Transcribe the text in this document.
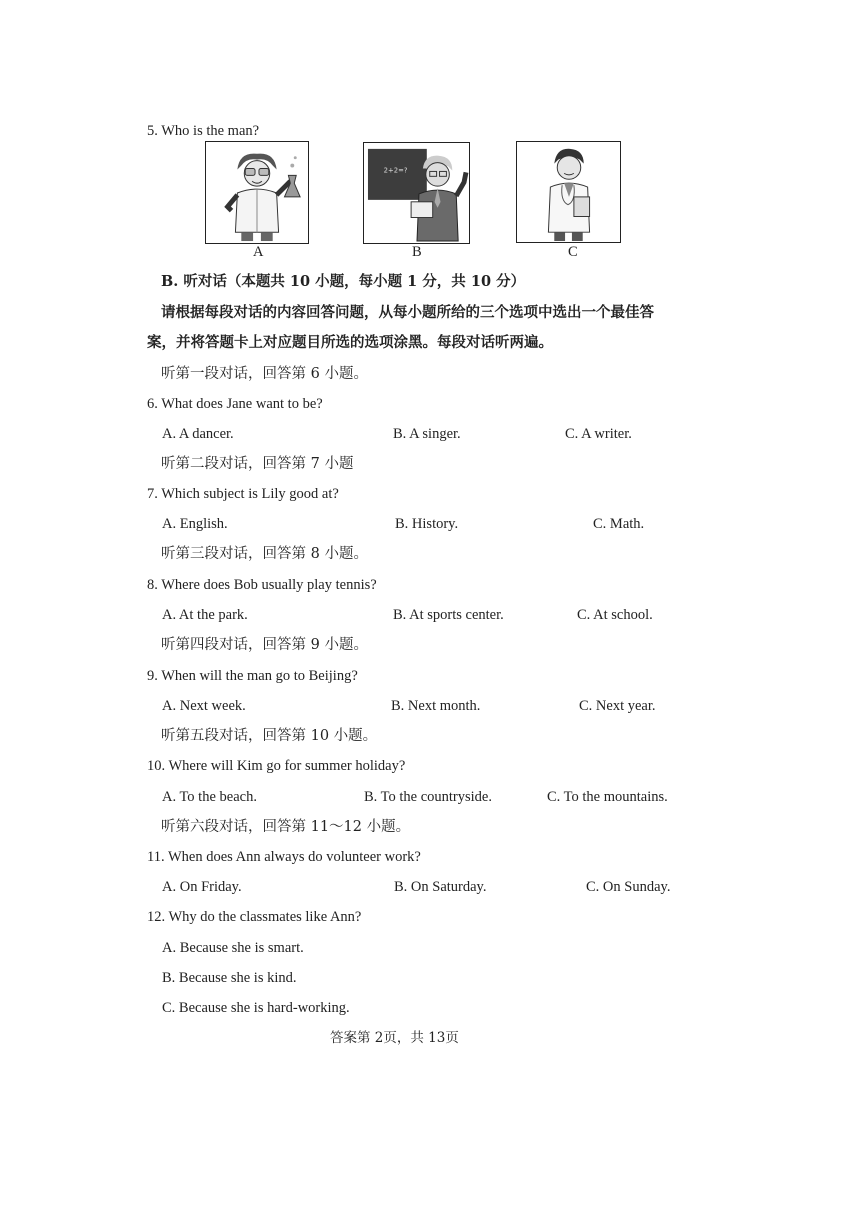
5. Who is the man?
A
2+2=?
B	C
B. 听对话（本题共 10 小题，每小题 1 分，共 10 分）
请根据每段对话的内容回答问题，从每小题所给的三个选项中选出一个最佳答
案，并将答题卡上对应题目所选的选项涂黑。每段对话听两遍。
听第一段对话，回答第 6 小题。
6. What does Jane want to be?
A. A dancer.	B. A singer.	C. A writer.
听第二段对话，回答第 7 小题
7. Which subject is Lily good at?
A. English.	B. History.	C. Math.
听第三段对话，回答第 8 小题。
8. Where does Bob usually play tennis?
A. At the park.	B. At sports center.	C. At school.
听第四段对话，回答第 9 小题。
9. When will the man go to Beijing?
A. Next week.	B. Next month.	C. Next year.
听第五段对话，回答第 10 小题。
10. Where will Kim go for summer holiday?
A. To the beach.	B. To the countryside.	C. To the mountains.
听第六段对话，回答第 11～12 小题。
11. When does Ann always do volunteer work?
A. On Friday.	B. On Saturday.	C. On Sunday.
12. Why do the classmates like Ann?
A. Because she is smart.
B. Because she is kind.
C. Because she is hard-working.
答案第 2页，共 13页
